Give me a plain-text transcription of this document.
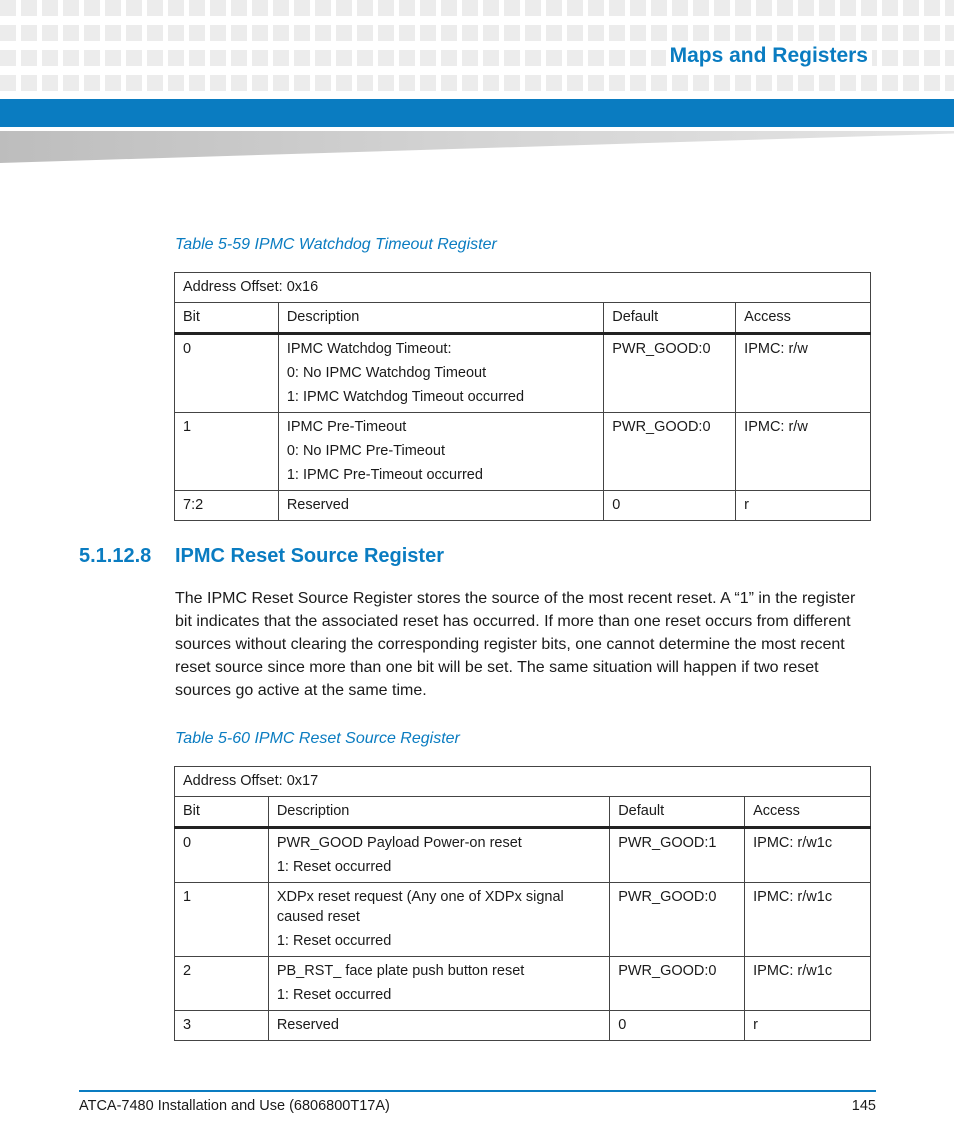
Maps and Registers
Table 5-59 IPMC Watchdog Timeout Register
Address Offset: 0x16			
Bit	Description	Default	Access
0	IPMC Watchdog Timeout:
0: No IPMC Watchdog Timeout
1: IPMC Watchdog Timeout occurred	PWR_GOOD:0	IPMC: r/w
1	IPMC Pre-Timeout
0: No IPMC Pre-Timeout
1: IPMC Pre-Timeout occurred	PWR_GOOD:0	IPMC: r/w
7:2	Reserved	0	r
5.1.12.8 IPMC Reset Source Register
The IPMC Reset Source Register stores the source of the most recent reset. A “1” in the register bit indicates that the associated reset has occurred. If more than one reset occurs from different sources without clearing the corresponding register bits, one cannot determine the most recent reset source since more than one bit will be set. The same situation will happen if two reset sources go active at the same time.
Table 5-60 IPMC Reset Source Register
Address Offset: 0x17			
Bit	Description	Default	Access
0	PWR_GOOD Payload Power-on reset
1: Reset occurred	PWR_GOOD:1	IPMC: r/w1c
1	XDPx reset request (Any one of XDPx signal caused reset
1: Reset occurred	PWR_GOOD:0	IPMC: r/w1c
2	PB_RST_ face plate push button reset
1: Reset occurred	PWR_GOOD:0	IPMC: r/w1c
3	Reserved	0	r
ATCA-7480 Installation and Use (6806800T17A)	145
